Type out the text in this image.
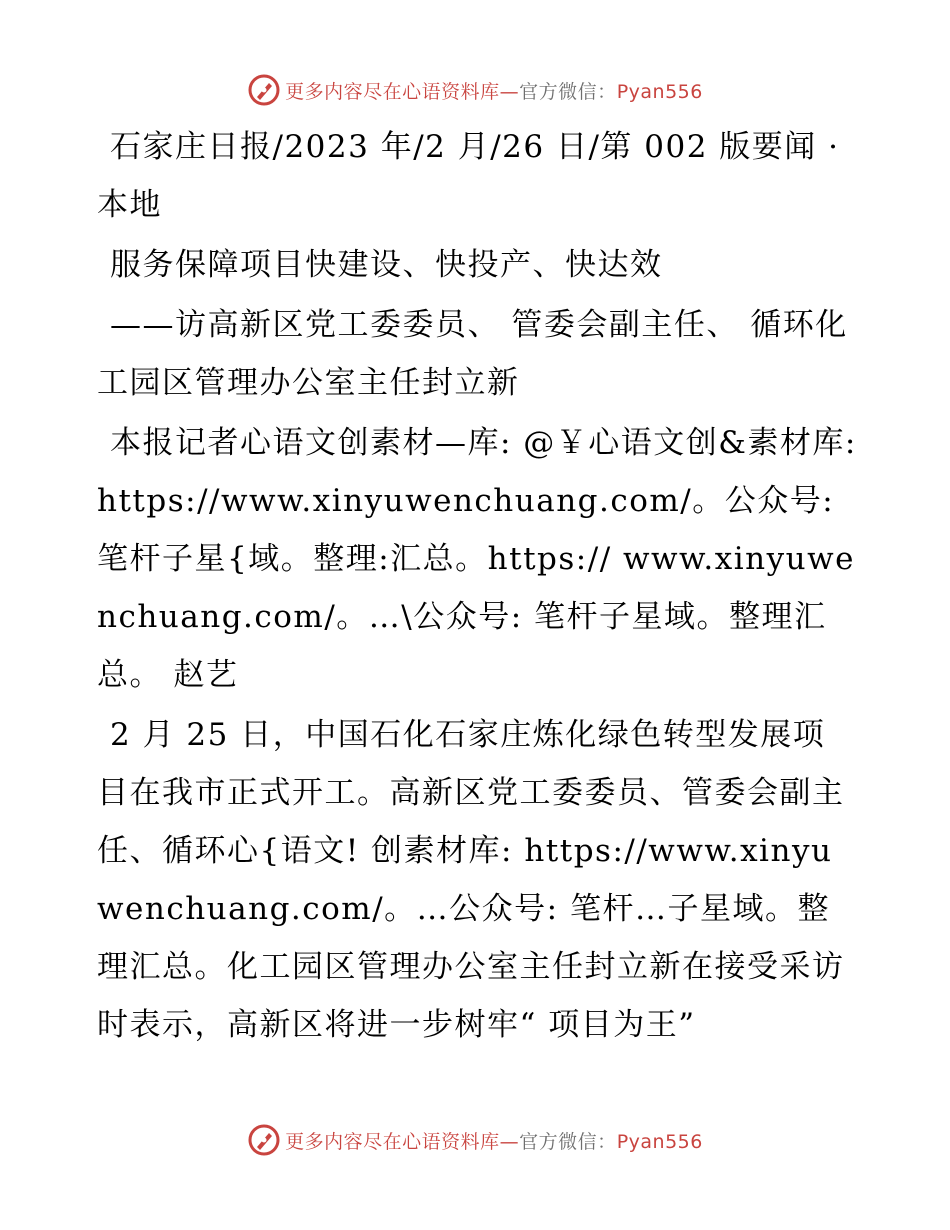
更多内容尽在心语资料库—官方微信：Pyan556

石家庄日报/2023 年/2 月/26 日/第 002 版要闻 · 本地

服务保障项目快建设、快投产、快达效

——访高新区党工委委员、 管委会副主任、 循环化工园区管理办公室主任封立新

本报记者心语文创素材—库: @￥心语文创&素材库: https://www.xinyuwenchuang.com/。公众号: 笔杆子星{域。整理:汇总。https:// www.xinyuwenchuang.com/。…\公众号: 笔杆子星域。整理汇总。 赵艺

2 月 25 日，中国石化石家庄炼化绿色转型发展项目在我市正式开工。高新区党工委委员、管委会副主任、循环心{语文! 创素材库: https://www.xinyuwenchuang.com/。…公众号: 笔杆…子星域。整理汇总。化工园区管理办公室主任封立新在接受采访时表示，高新区将进一步树牢“ 项目为王”

更多内容尽在心语资料库—官方微信：Pyan556
